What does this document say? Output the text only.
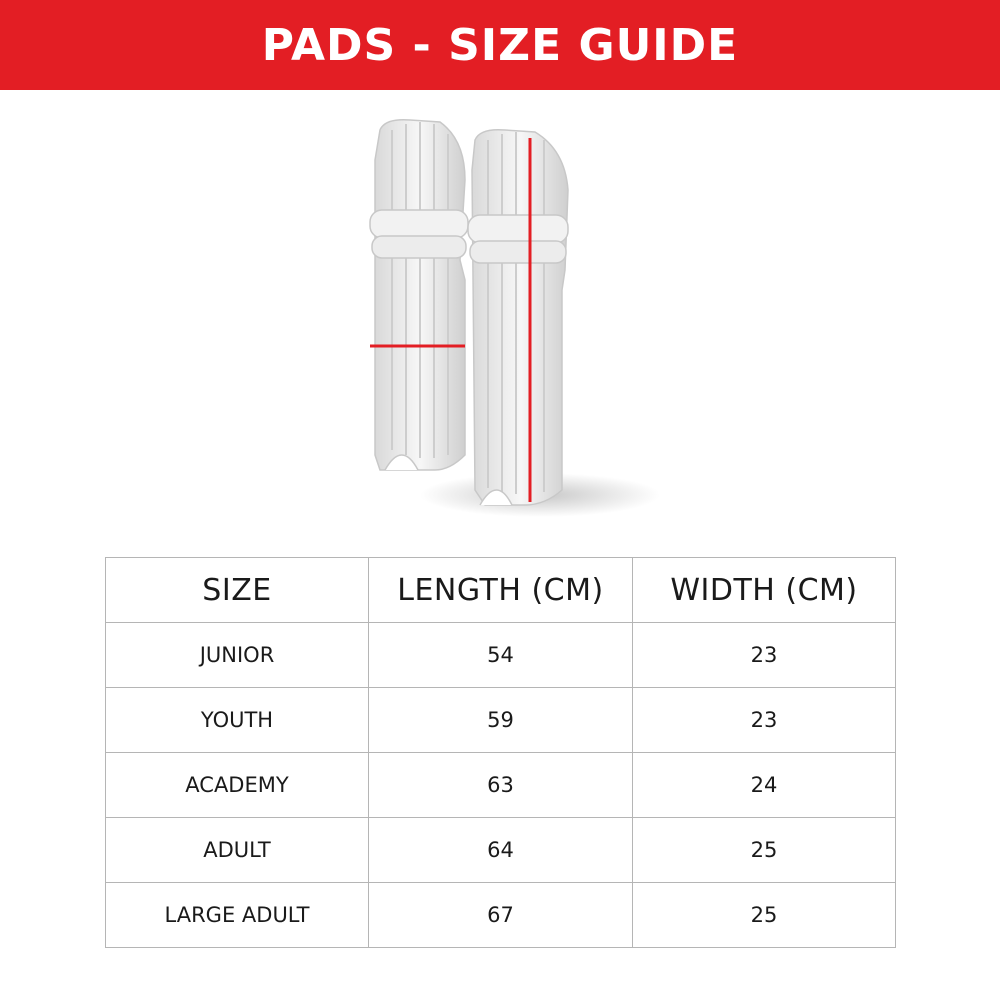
PADS - SIZE GUIDE
SIZE	LENGTH (CM)	WIDTH (CM)
JUNIOR	54	23
YOUTH	59	23
ACADEMY	63	24
ADULT	64	25
LARGE ADULT	67	25
